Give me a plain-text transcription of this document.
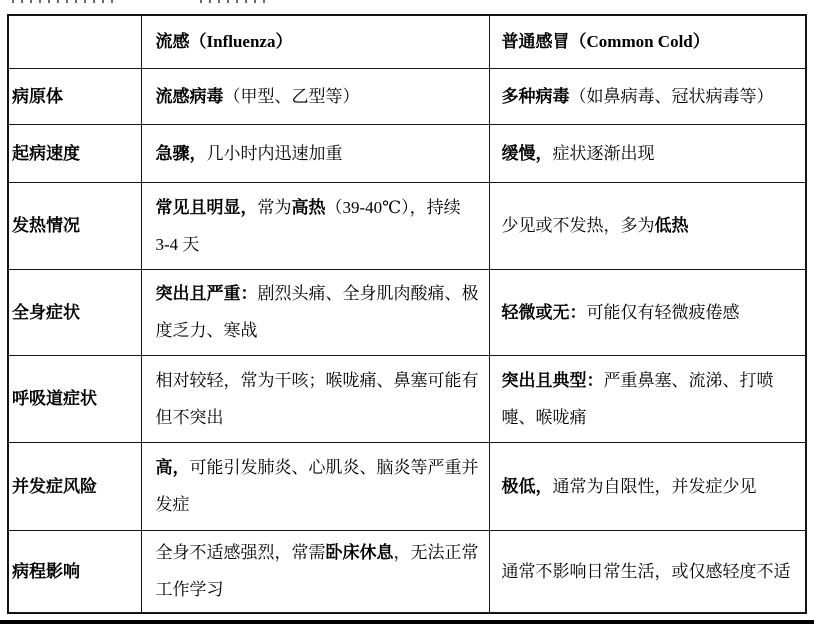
	流感（Influenza）	普通感冒（Common Cold）
病原体	流感病毒（甲型、乙型等）	多种病毒（如鼻病毒、冠状病毒等）
起病速度	急骤，几小时内迅速加重	缓慢，症状逐渐出现
发热情况	常见且明显，常为高热（39-40℃），持续 3-4 天	少见或不发热，多为低热
全身症状	突出且严重：剧烈头痛、全身肌肉酸痛、极度乏力、寒战	轻微或无：可能仅有轻微疲倦感
呼吸道症状	相对较轻，常为干咳；喉咙痛、鼻塞可能有但不突出	突出且典型：严重鼻塞、流涕、打喷嚏、喉咙痛
并发症风险	高，可能引发肺炎、心肌炎、脑炎等严重并发症	极低，通常为自限性，并发症少见
病程影响	全身不适感强烈，常需卧床休息，无法正常工作学习	通常不影响日常生活，或仅感轻度不适
